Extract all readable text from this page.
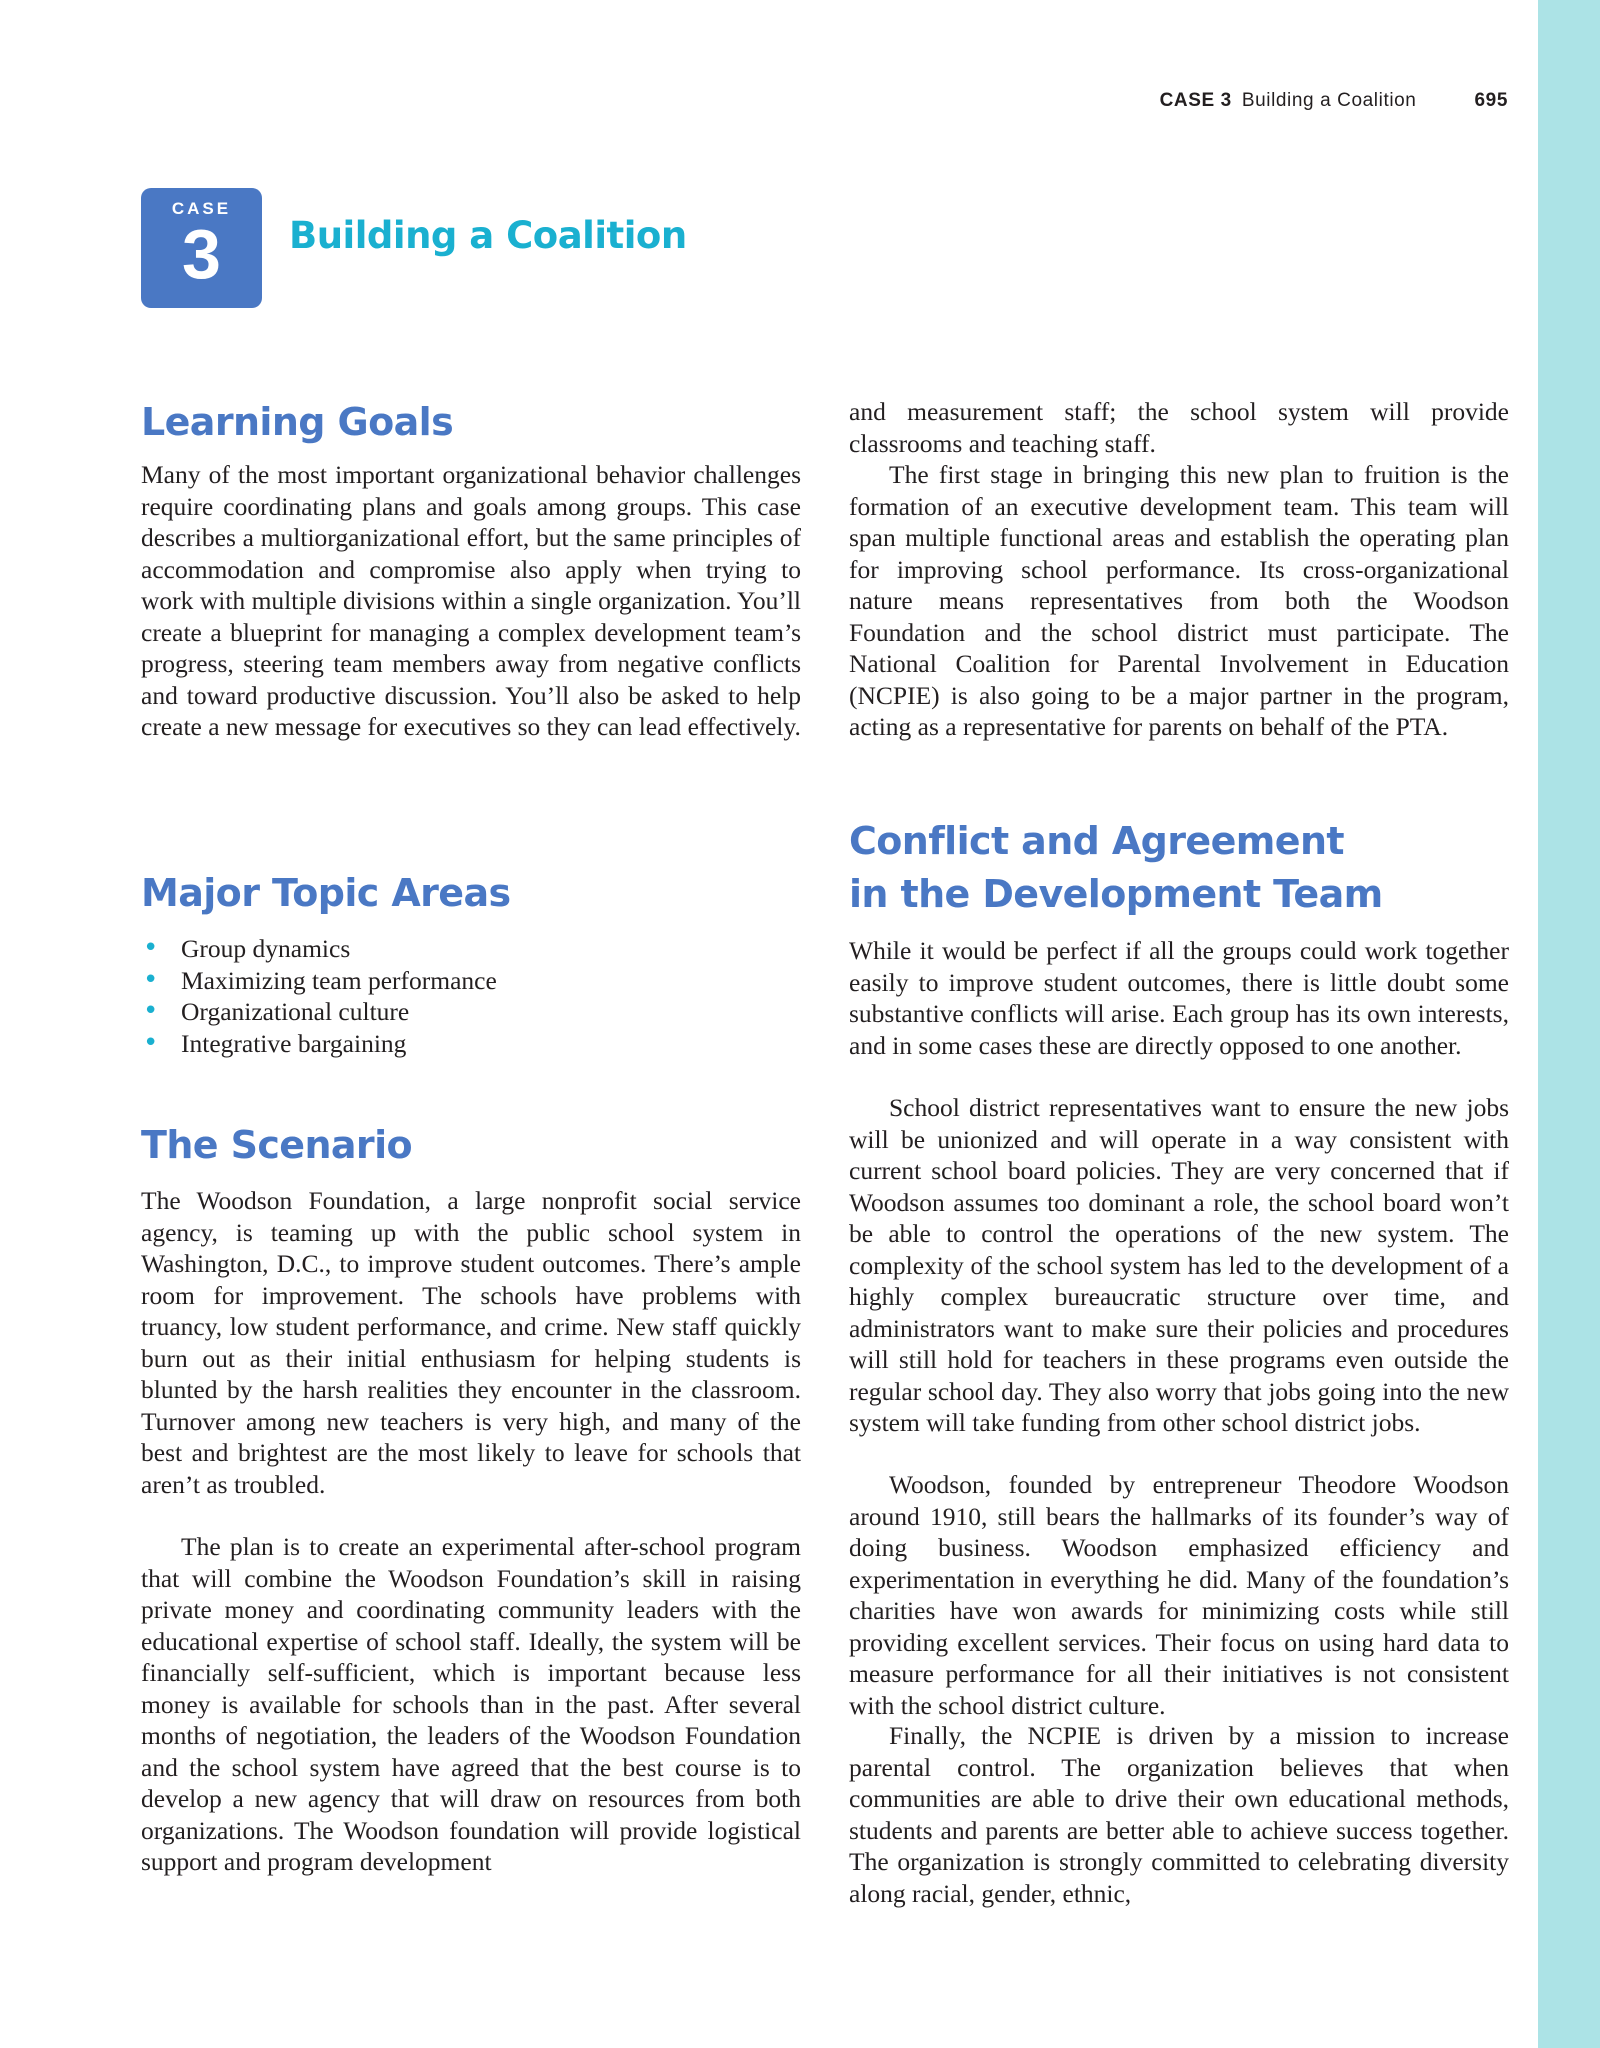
CASE 3 Building a Coalition	695
CASE
3	Building a Coalition
Learning Goals

Many of the most important organizational behavior challenges require coordinating plans and goals among groups. This case describes a multiorganizational effort, but the same principles of accommodation and compromise also apply when trying to work with multiple divisions within a single organization. You’ll create a blueprint for managing a complex development team’s progress, steering team members away from negative conflicts and toward productive discussion. You’ll also be asked to help create a new message for executives so they can lead effectively.

Major Topic Areas
• Group dynamics
• Maximizing team performance
• Organizational culture
• Integrative bargaining
The Scenario

The Woodson Foundation, a large nonprofit social service agency, is teaming up with the public school system in Washington, D.C., to improve student outcomes. There’s ample room for improvement. The schools have problems with truancy, low student performance, and crime. New staff quickly burn out as their initial enthusiasm for helping students is blunted by the harsh realities they encounter in the classroom. Turnover among new teachers is very high, and many of the best and brightest are the most likely to leave for schools that aren’t as troubled.

The plan is to create an experimental after-school program that will combine the Woodson Foundation’s skill in raising private money and coordinating community leaders with the educational expertise of school staff. Ideally, the system will be financially self-sufficient, which is important because less money is available for schools than in the past. After several months of negotiation, the leaders of the Woodson Foundation and the school system have agreed that the best course is to develop a new agency that will draw on resources from both organizations. The Woodson foundation will provide logistical support and program development

and measurement staff; the school system will provide classrooms and teaching staff.

The first stage in bringing this new plan to fruition is the formation of an executive development team. This team will span multiple functional areas and establish the operating plan for improving school performance. Its cross-organizational nature means representatives from both the Woodson Foundation and the school district must participate. The National Coalition for Parental Involvement in Education (NCPIE) is also going to be a major partner in the program, acting as a representative for parents on behalf of the PTA.

Conflict and Agreement
in the Development Team

While it would be perfect if all the groups could work together easily to improve student outcomes, there is little doubt some substantive conflicts will arise. Each group has its own interests, and in some cases these are directly opposed to one another.

School district representatives want to ensure the new jobs will be unionized and will operate in a way consistent with current school board policies. They are very concerned that if Woodson assumes too dominant a role, the school board won’t be able to control the operations of the new system. The complexity of the school system has led to the development of a highly complex bureaucratic structure over time, and administrators want to make sure their policies and procedures will still hold for teachers in these programs even outside the regular school day. They also worry that jobs going into the new system will take funding from other school district jobs.

Woodson, founded by entrepreneur Theodore Woodson around 1910, still bears the hallmarks of its founder’s way of doing business. Woodson emphasized efficiency and experimentation in everything he did. Many of the foundation’s charities have won awards for minimizing costs while still providing excellent services. Their focus on using hard data to measure performance for all their initiatives is not consistent with the school district culture.

Finally, the NCPIE is driven by a mission to increase parental control. The organization believes that when communities are able to drive their own educational methods, students and parents are better able to achieve success together. The organization is strongly committed to celebrating diversity along racial, gender, ethnic,
